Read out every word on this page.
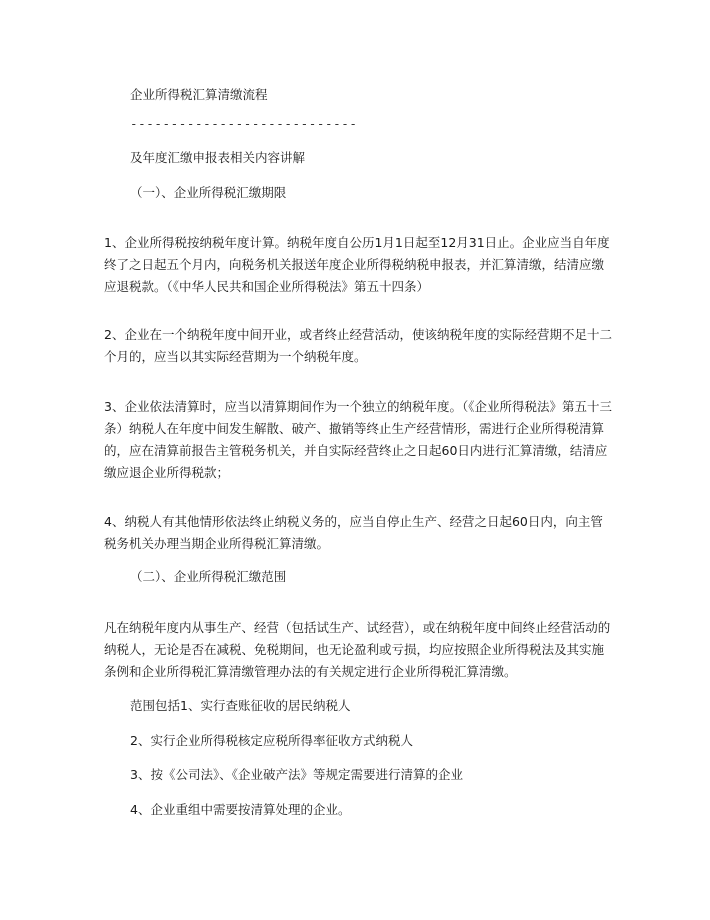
企业所得税汇算清缴流程
----------------------------
及年度汇缴申报表相关内容讲解
（一）、企业所得税汇缴期限
1、企业所得税按纳税年度计算。纳税年度自公历1月1日起至12月31日止。企业应当自年度终了之日起五个月内，向税务机关报送年度企业所得税纳税申报表，并汇算清缴，结清应缴应退税款。（《中华人民共和国企业所得税法》第五十四条）
2、企业在一个纳税年度中间开业，或者终止经营活动，使该纳税年度的实际经营期不足十二个月的，应当以其实际经营期为一个纳税年度。
3、企业依法清算时，应当以清算期间作为一个独立的纳税年度。（《企业所得税法》第五十三条）纳税人在年度中间发生解散、破产、撤销等终止生产经营情形，需进行企业所得税清算的，应在清算前报告主管税务机关，并自实际经营终止之日起60日内进行汇算清缴，结清应缴应退企业所得税款；
4、纳税人有其他情形依法终止纳税义务的，应当自停止生产、经营之日起60日内，向主管税务机关办理当期企业所得税汇算清缴。
（二）、企业所得税汇缴范围
凡在纳税年度内从事生产、经营（包括试生产、试经营），或在纳税年度中间终止经营活动的纳税人，无论是否在减税、免税期间，也无论盈利或亏损，均应按照企业所得税法及其实施条例和企业所得税汇算清缴管理办法的有关规定进行企业所得税汇算清缴。
范围包括1、实行查账征收的居民纳税人
2、实行企业所得税核定应税所得率征收方式纳税人
3、按《公司法》、《企业破产法》等规定需要进行清算的企业
4、企业重组中需要按清算处理的企业。
